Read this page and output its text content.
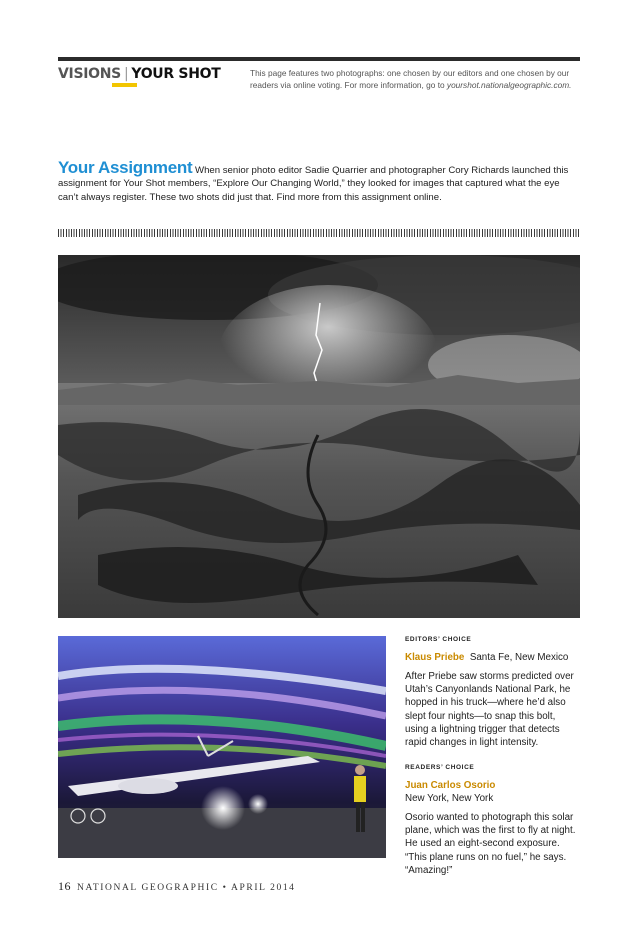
VISIONS | YOUR SHOT	This page features two photographs: one chosen by our editors and one chosen by our readers via online voting. For more information, go to yourshot.nationalgeographic.com.
Your Assignment When senior photo editor Sadie Quarrier and photographer Cory Richards launched this assignment for Your Shot members, “Explore Our Changing World,” they looked for images that captured what the eye can’t always register. These two shots did just that. Find more from this assignment online.
EDITORS’ CHOICE
Klaus Priebe Santa Fe, New Mexico
After Priebe saw storms predicted over Utah’s Canyonlands National Park, he hopped in his truck—where he’d also slept four nights—to snap this bolt, using a lightning trigger that detects rapid changes in light intensity.
READERS’ CHOICE
Juan Carlos Osorio
New York, New York
Osorio wanted to photograph this solar plane, which was the first to fly at night. He used an eight-second exposure. “This plane runs on no fuel,” he says. “Amazing!”
16 NATIONAL GEOGRAPHIC • APRIL 2014
